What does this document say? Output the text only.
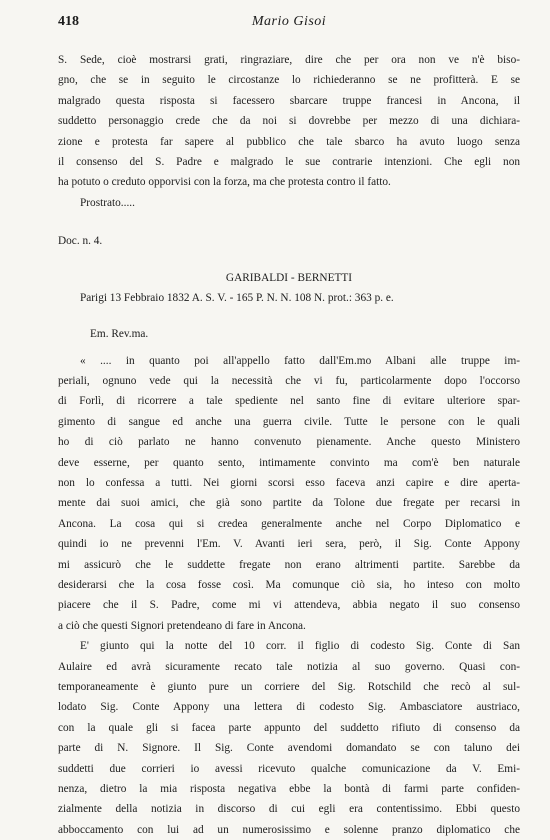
418	Mario Gisoi
S. Sede, cioè mostrarsi grati, ringraziare, dire che per ora non ve n'è biso-
gno, che se in seguito le circostanze lo richiederanno se ne profitterà. E se
malgrado questa risposta si facessero sbarcare truppe francesi in Ancona, il
suddetto personaggio crede che da noi si dovrebbe per mezzo di una dichiara-
zione e protesta far sapere al pubblico che tale sbarco ha avuto luogo senza
il consenso del S. Padre e malgrado le sue contrarie intenzioni. Che egli non
ha potuto o creduto opporvisi con la forza, ma che protesta contro il fatto.
Prostrato.....
Doc. n. 4.
GARIBALDI - BERNETTI
Parigi 13 Febbraio 1832 A. S. V. - 165 P. N. N. 108 N. prot.: 363 p. e.
Em. Rev.ma.
« .... in quanto poi all'appello fatto dall'Em.mo Albani alle truppe im-
periali, ognuno vede qui la necessità che vi fu, particolarmente dopo l'occorso
di Forlì, di ricorrere a tale spediente nel santo fine di evitare ulteriore spar-
gimento di sangue ed anche una guerra civile. Tutte le persone con le quali
ho di ciò parlato ne hanno convenuto pienamente. Anche questo Ministero
deve esserne, per quanto sento, intimamente convinto ma com'è ben naturale
non lo confessa a tutti. Nei giorni scorsi esso faceva anzi capire e dire aperta-
mente dai suoi amici, che già sono partite da Tolone due fregate per recarsi in
Ancona. La cosa qui si credea generalmente anche nel Corpo Diplomatico e
quindi io ne prevenni l'Em. V. Avanti ieri sera, però, il Sig. Conte Appony
mi assicurò che le suddette fregate non erano altrimenti partite. Sarebbe da
desiderarsi che la cosa fosse così. Ma comunque ciò sia, ho inteso con molto
piacere che il S. Padre, come mi vi attendeva, abbia negato il suo consenso
a ciò che questi Signori pretendeano di fare in Ancona.
E' giunto qui la notte del 10 corr. il figlio di codesto Sig. Conte di San
Aulaire ed avrà sicuramente recato tale notizia al suo governo. Quasi con-
temporaneamente è giunto pure un corriere del Sig. Rotschild che recò al sul-
lodato Sig. Conte Appony una lettera di codesto Sig. Ambasciatore austriaco,
con la quale gli si facea parte appunto del suddetto rifiuto di consenso da
parte di N. Signore. Il Sig. Conte avendomi domandato se con taluno dei
suddetti due corrieri io avessi ricevuto qualche comunicazione da V. Emi-
nenza, dietro la mia risposta negativa ebbe la bontà di farmi parte confiden-
zialmente della notizia in discorso di cui egli era contentissimo. Ebbi questo
abboccamento con lui ad un numerosissimo e solenne pranzo diplomatico che
